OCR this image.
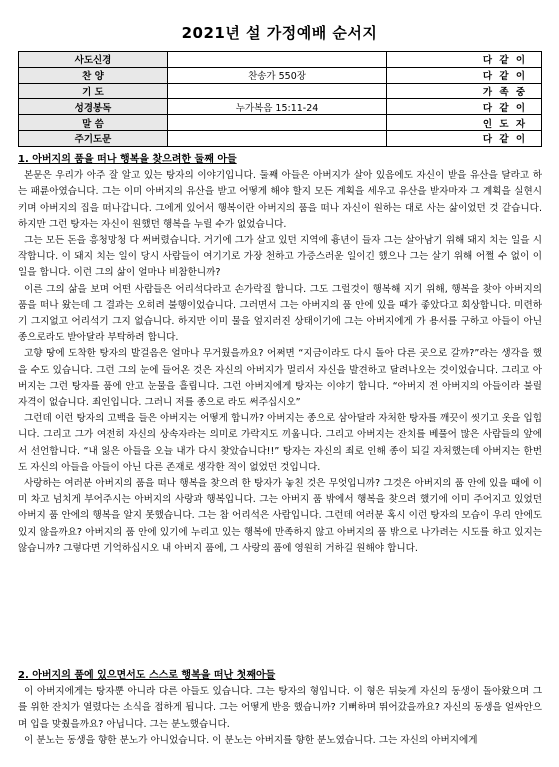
2021년 설 가정예배 순서지
사도신경		다 같 이
찬 양	찬송가 550장	다 같 이
기 도		가 족 중
성경봉독	누가복음 15:11-24	다 같 이
말 씀		인 도 자
주기도문		다 같 이
1. 아버지의 품을 떠나 행복을 찾으려한 둘째 아들

본문은 우리가 아주 잘 알고 있는 탕자의 이야기입니다. 둘째 아들은 아버지가 살아 있음에도 자신이 받을 유산을 달라고 하는 패륜아였습니다. 그는 이미 아버지의 유산을 받고 어떻게 해야 할지 모든 계획을 세우고 유산을 받자마자 그 계획을 실현시키며 아버지의 집을 떠나갑니다. 그에게 있어서 행복이란 아버지의 품을 떠나 자신이 원하는 대로 사는 삶이었던 것 같습니다. 하지만 그런 탕자는 자신이 원했던 행복을 누릴 수가 없었습니다.

그는 모든 돈을 흥청망청 다 써버렸습니다. 거기에 그가 살고 있던 지역에 흉년이 들자 그는 살아남기 위해 돼지 치는 일을 시작합니다. 이 돼지 치는 일이 당시 사람들이 여기기로 가장 천하고 가증스러운 일이긴 했으나 그는 살기 위해 어쩔 수 없이 이 일을 합니다. 이런 그의 삶이 얼마나 비참한니까?

이른 그의 삶을 보며 어떤 사람들은 어리석다라고 손가락질 합니다. 그도 그럴것이 행복해 지기 위해, 행복을 찾아 아버지의 품을 떠나 왔는데 그 결과는 오히려 불행이었습니다. 그러면서 그는 아버지의 품 안에 있을 때가 좋았다고 회상합니다. 미련하기 그지없고 어리석기 그지 없습니다. 하지만 이미 물을 엎지러진 상태이기에 그는 아버지에게 가 용서를 구하고 아들이 아닌 종으로라도 받아달라 부탁하려 합니다.

고향 땅에 도착한 탕자의 발걸음은 얼마나 무거웠을까요? 어쩌면 “지금이라도 다시 돌아 다른 곳으로 갈까?”라는 생각을 했을 수도 있습니다. 그런 그의 눈에 들어온 것은 자신의 아버지가 멀리서 자신을 발견하고 달려나오는 것이었습니다. 그리고 아버지는 그런 탕자를 품에 안고 눈물을 흘립니다. 그런 아버지에게 탕자는 이야기 합니다. “아버지 전 아버지의 아들이라 불릴 자격이 없습니다. 죄인입니다. 그러니 저를 종으로 라도 써주십시오”

그런데 이런 탕자의 고백을 들은 아버지는 어떻게 합니까? 아버지는 종으로 삼아달라 자처한 탕자를 깨끗이 씻기고 옷을 입힙니다. 그리고 그가 여전히 자신의 상속자라는 의미로 가락지도 끼웁니다. 그리고 아버지는 잔치를 베풀어 많은 사람들의 앞에서 선언합니다. “내 잃은 아들을 오늘 내가 다시 찾았습니다!!” 탕자는 자신의 죄로 인해 종이 되길 자처했는데 아버지는 한번도 자신의 아들을 아들이 아닌 다른 존재로 생각한 적이 없었던 것입니다.

사랑하는 여러분 아버지의 품을 떠나 행복을 찾으려 한 탕자가 놓친 것은 무엇입니까? 그것은 아버지의 품 안에 있을 때에 이미 차고 넘치게 부어주시는 아버지의 사랑과 행복입니다. 그는 아버지 품 밖에서 행복을 찾으려 했기에 이미 주어지고 있었던 아버지 품 안에의 행복을 알지 못했습니다. 그는 참 어리석은 사람입니다. 그런데 여러분 혹시 이런 탕자의 모습이 우리 안에도 있지 않을까요? 아버지의 품 안에 있기에 누리고 있는 행복에 만족하지 않고 아버지의 품 밖으로 나가려는 시도를 하고 있지는 않습니까? 그렇다면 기억하십시오 내 아버지 품에, 그 사랑의 품에 영원히 거하길 원해야 합니다.

2. 아버지의 품에 있으면서도 스스로 행복을 떠난 첫째아들

이 아버지에게는 탕자뿐 아니라 다른 아들도 있습니다. 그는 탕자의 형입니다. 이 형은 뒤늦게 자신의 동생이 돌아왔으며 그를 위한 잔치가 열렸다는 소식을 접하게 됩니다. 그는 어떻게 반응 했습니까? 기뻐하며 뛰어갔을까요? 자신의 동생을 얼싸안으며 입을 맞췄을까요? 아닙니다. 그는 분노했습니다.

이 분노는 동생을 향한 분노가 아니었습니다. 이 분노는 아버지를 향한 분노였습니다. 그는 자신의 아버지에게
